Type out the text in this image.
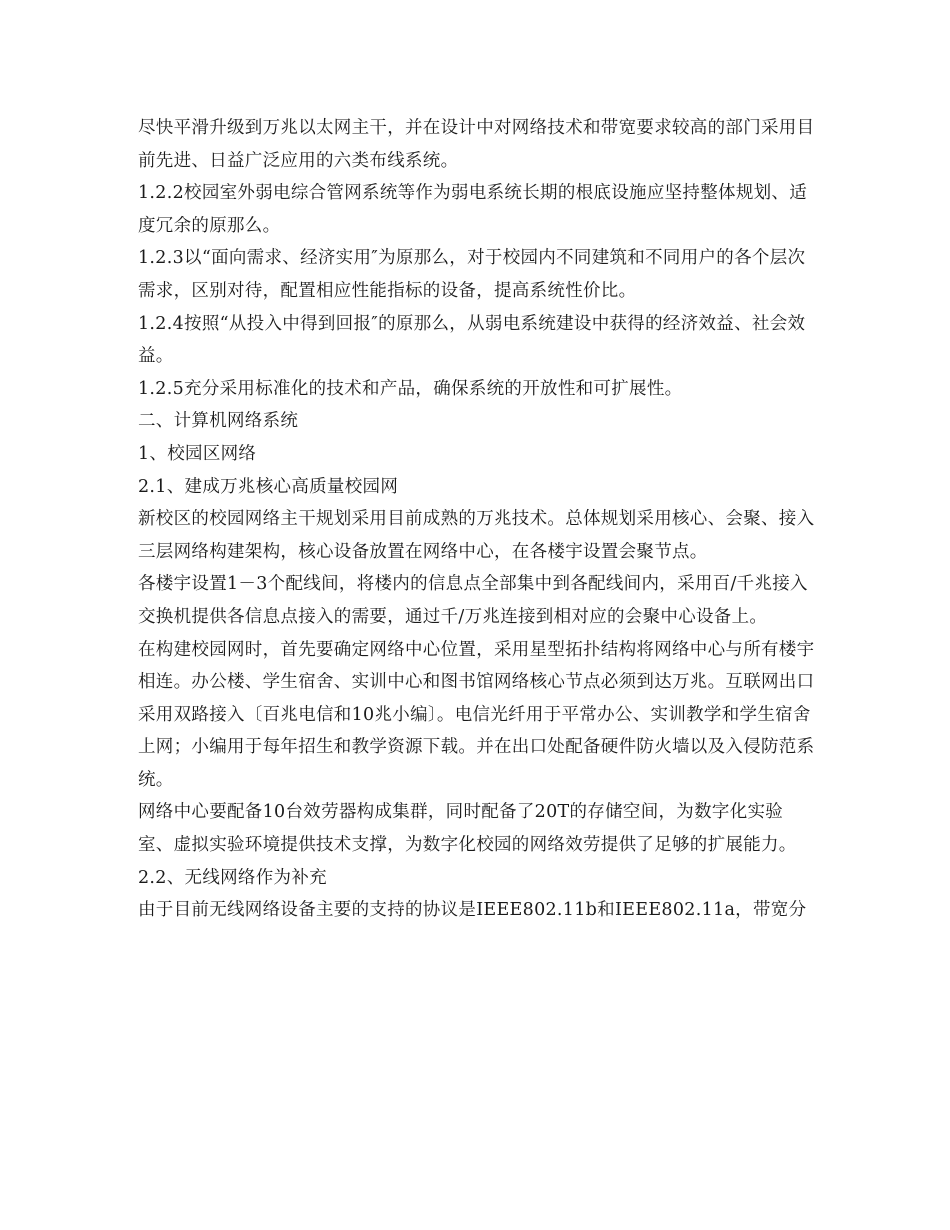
尽快平滑升级到万兆以太网主干，并在设计中对网络技术和带宽要求较高的部门采用目前先进、日益广泛应用的六类布线系统。

1.2.2校园室外弱电综合管网系统等作为弱电系统长期的根底设施应坚持整体规划、适度冗余的原那么。

1.2.3以“面向需求、经济实用″为原那么，对于校园内不同建筑和不同用户的各个层次需求，区别对待，配置相应性能指标的设备，提高系统性价比。

1.2.4按照“从投入中得到回报″的原那么，从弱电系统建设中获得的经济效益、社会效益。

1.2.5充分采用标准化的技术和产品，确保系统的开放性和可扩展性。

二、计算机网络系统

1、校园区网络

2.1、建成万兆核心高质量校园网

新校区的校园网络主干规划采用目前成熟的万兆技术。总体规划采用核心、会聚、接入三层网络构建架构，核心设备放置在网络中心，在各楼宇设置会聚节点。

各楼宇设置1－3个配线间，将楼内的信息点全部集中到各配线间内，采用百/千兆接入交换机提供各信息点接入的需要，通过千/万兆连接到相对应的会聚中心设备上。

在构建校园网时，首先要确定网络中心位置，采用星型拓扑结构将网络中心与所有楼宇相连。办公楼、学生宿舍、实训中心和图书馆网络核心节点必须到达万兆。互联网出口采用双路接入〔百兆电信和10兆小编〕。电信光纤用于平常办公、实训教学和学生宿舍上网；小编用于每年招生和教学资源下载。并在出口处配备硬件防火墙以及入侵防范系统。

网络中心要配备10台效劳器构成集群，同时配备了20T的存储空间，为数字化实验室、虚拟实验环境提供技术支撑，为数字化校园的网络效劳提供了足够的扩展能力。

2.2、无线网络作为补充

由于目前无线网络设备主要的支持的协议是IEEE802.11b和IEEE802.11a，带宽分
